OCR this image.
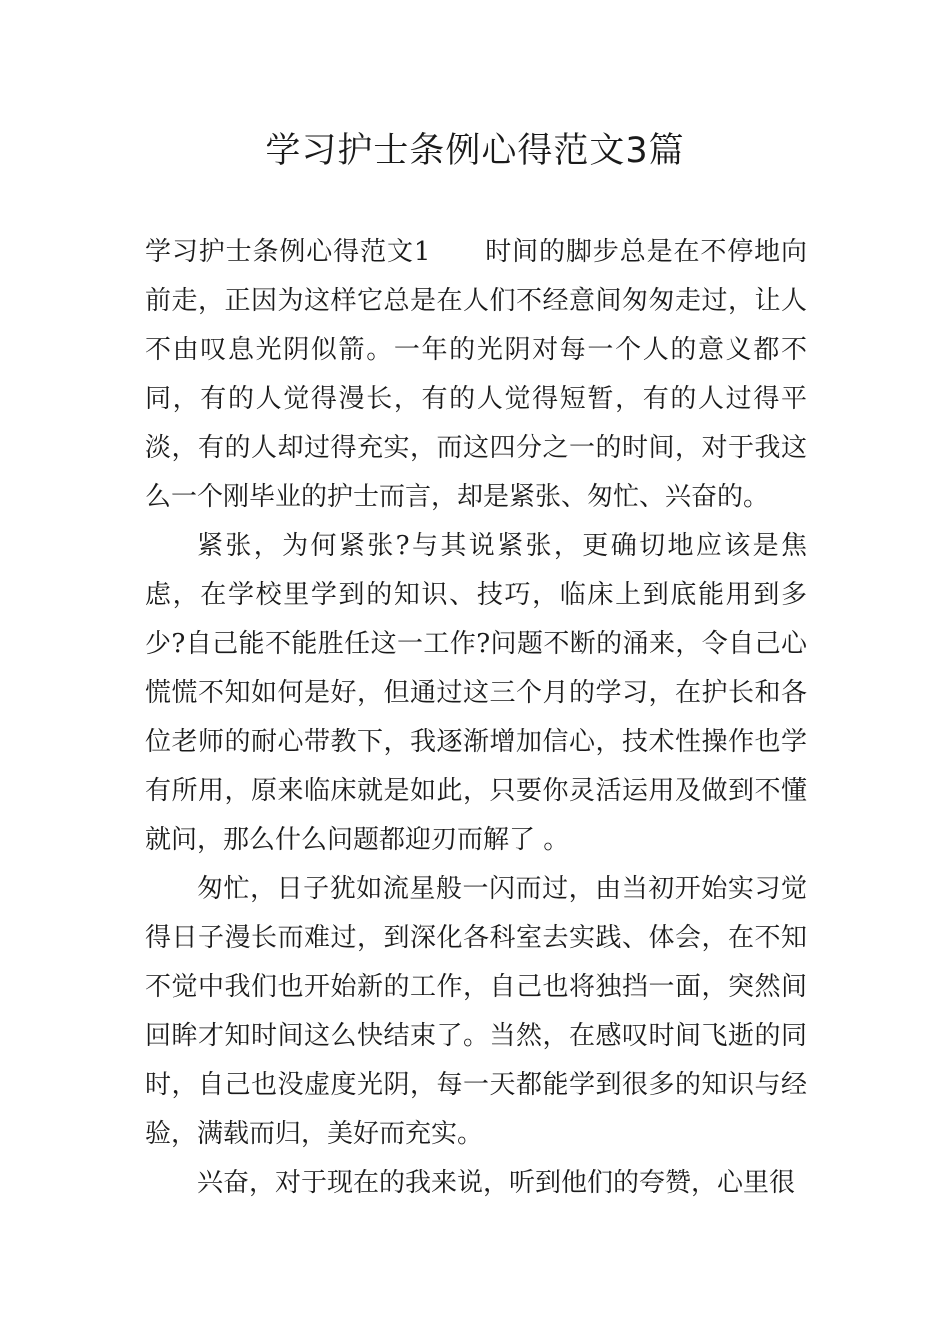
学习护士条例心得范文3篇

学习护士条例心得范文1 时间的脚步总是在不停地向前走，正因为这样它总是在人们不经意间匆匆走过，让人不由叹息光阴似箭。一年的光阴对每一个人的意义都不同，有的人觉得漫长，有的人觉得短暂，有的人过得平淡，有的人却过得充实，而这四分之一的时间，对于我这么一个刚毕业的护士而言，却是紧张、匆忙、兴奋的。

紧张，为何紧张?与其说紧张，更确切地应该是焦虑，在学校里学到的知识、技巧，临床上到底能用到多少?自己能不能胜任这一工作?问题不断的涌来，令自己心慌慌不知如何是好，但通过这三个月的学习，在护长和各位老师的耐心带教下，我逐渐增加信心，技术性操作也学有所用，原来临床就是如此，只要你灵活运用及做到不懂就问，那么什么问题都迎刃而解了 。

匆忙，日子犹如流星般一闪而过，由当初开始实习觉得日子漫长而难过，到深化各科室去实践、体会，在不知不觉中我们也开始新的工作，自己也将独挡一面，突然间回眸才知时间这么快结束了。当然，在感叹时间飞逝的同时，自己也没虚度光阴，每一天都能学到很多的知识与经验，满载而归，美好而充实。

兴奋，对于现在的我来说，听到他们的夸赞，心里很
